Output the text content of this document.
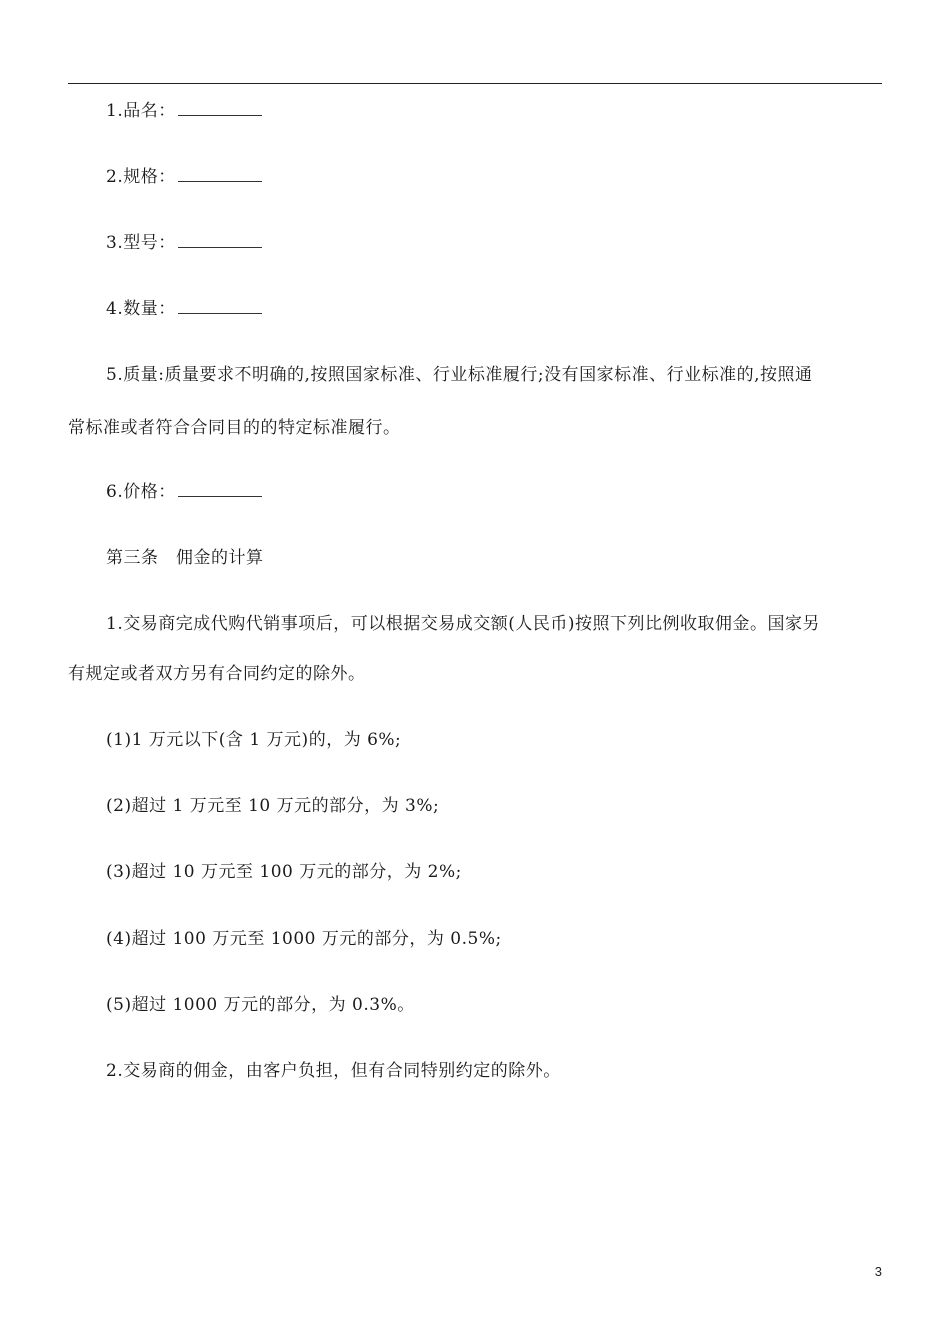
1.品名：
2.规格：
3.型号：
4.数量：
5.质量:质量要求不明确的,按照国家标准、行业标准履行;没有国家标准、行业标准的,按照通
常标准或者符合合同目的的特定标准履行。
6.价格：
第三条　佣金的计算
1.交易商完成代购代销事项后，可以根据交易成交额(人民币)按照下列比例收取佣金。国家另
有规定或者双方另有合同约定的除外。
(1)1 万元以下(含 1 万元)的，为 6%;
(2)超过 1 万元至 10 万元的部分，为 3%;
(3)超过 10 万元至 100 万元的部分，为 2%;
(4)超过 100 万元至 1000 万元的部分，为 0.5%;
(5)超过 1000 万元的部分，为 0.3%。
2.交易商的佣金，由客户负担，但有合同特别约定的除外。
3
